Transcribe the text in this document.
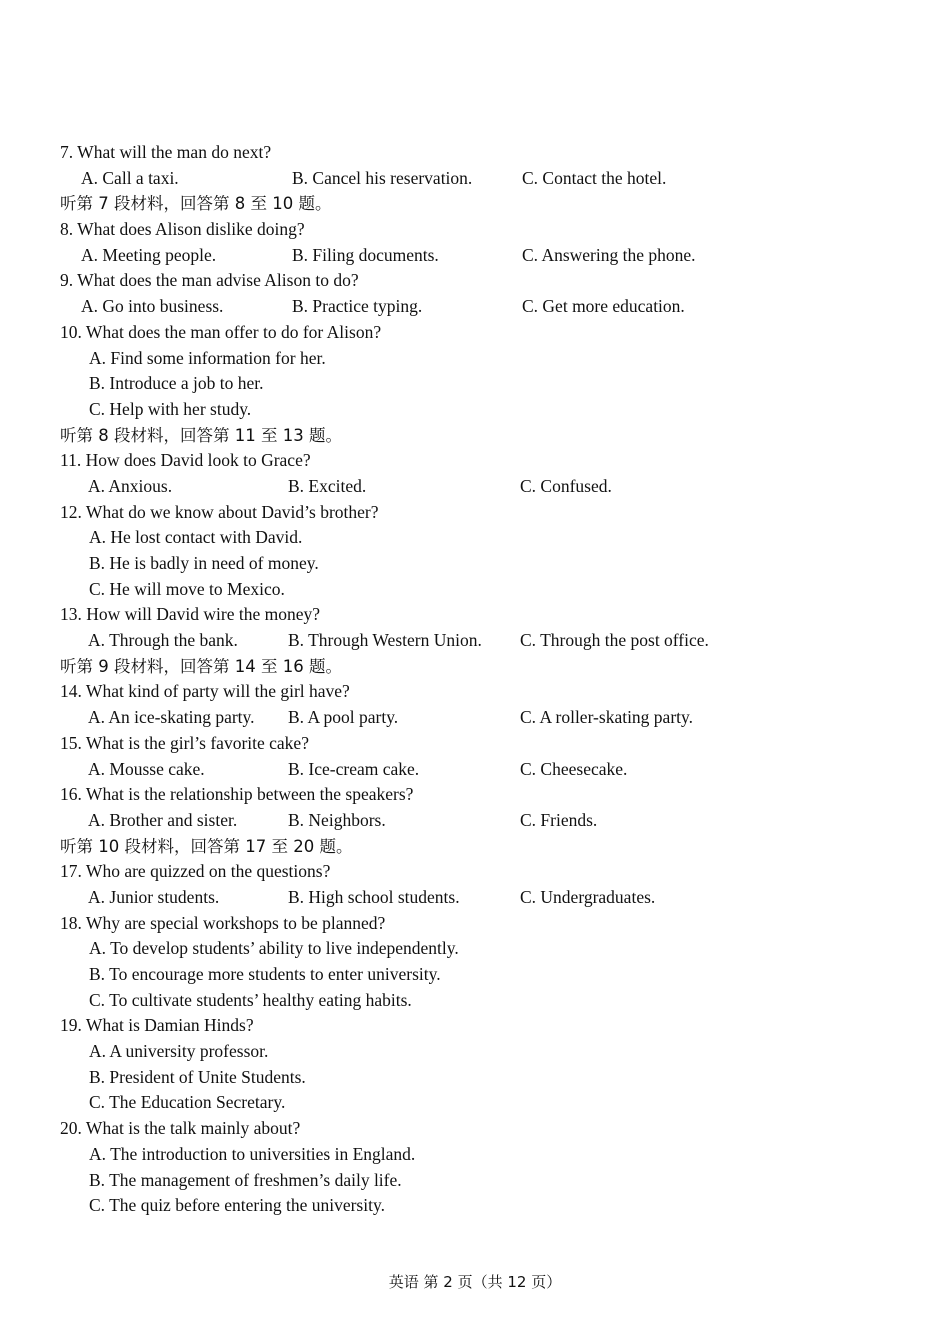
7. What will the man do next?
A. Call a taxi.	B. Cancel his reservation.	C. Contact the hotel.
听第 7 段材料，回答第 8 至 10 题。
8. What does Alison dislike doing?
A. Meeting people.	B. Filing documents.	C. Answering the phone.
9. What does the man advise Alison to do?
A. Go into business.	B. Practice typing.	C. Get more education.
10. What does the man offer to do for Alison?
A. Find some information for her.
B. Introduce a job to her.
C. Help with her study.
听第 8 段材料，回答第 11 至 13 题。
11. How does David look to Grace?
A. Anxious.	B. Excited.	C. Confused.
12. What do we know about David’s brother?
A. He lost contact with David.
B. He is badly in need of money.
C. He will move to Mexico.
13. How will David wire the money?
A. Through the bank.	B. Through Western Union. C. Through the post office.
听第 9 段材料，回答第 14 至 16 题。
14. What kind of party will the girl have?
A. An ice-skating party. B. A pool party.	C. A roller-skating party.
15. What is the girl’s favorite cake?
A. Mousse cake.	B. Ice-cream cake.	C. Cheesecake.
16. What is the relationship between the speakers?
A. Brother and sister.	B. Neighbors.	C. Friends.
听第 10 段材料，回答第 17 至 20 题。
17. Who are quizzed on the questions?
A. Junior students.	B. High school students.	C. Undergraduates.
18. Why are special workshops to be planned?
A. To develop students’ ability to live independently.
B. To encourage more students to enter university.
C. To cultivate students’ healthy eating habits.
19. What is Damian Hinds?
A. A university professor.
B. President of Unite Students.
C. The Education Secretary.
20. What is the talk mainly about?
A. The introduction to universities in England.
B. The management of freshmen’s daily life.
C. The quiz before entering the university.
英语 第 2 页（共 12 页）
